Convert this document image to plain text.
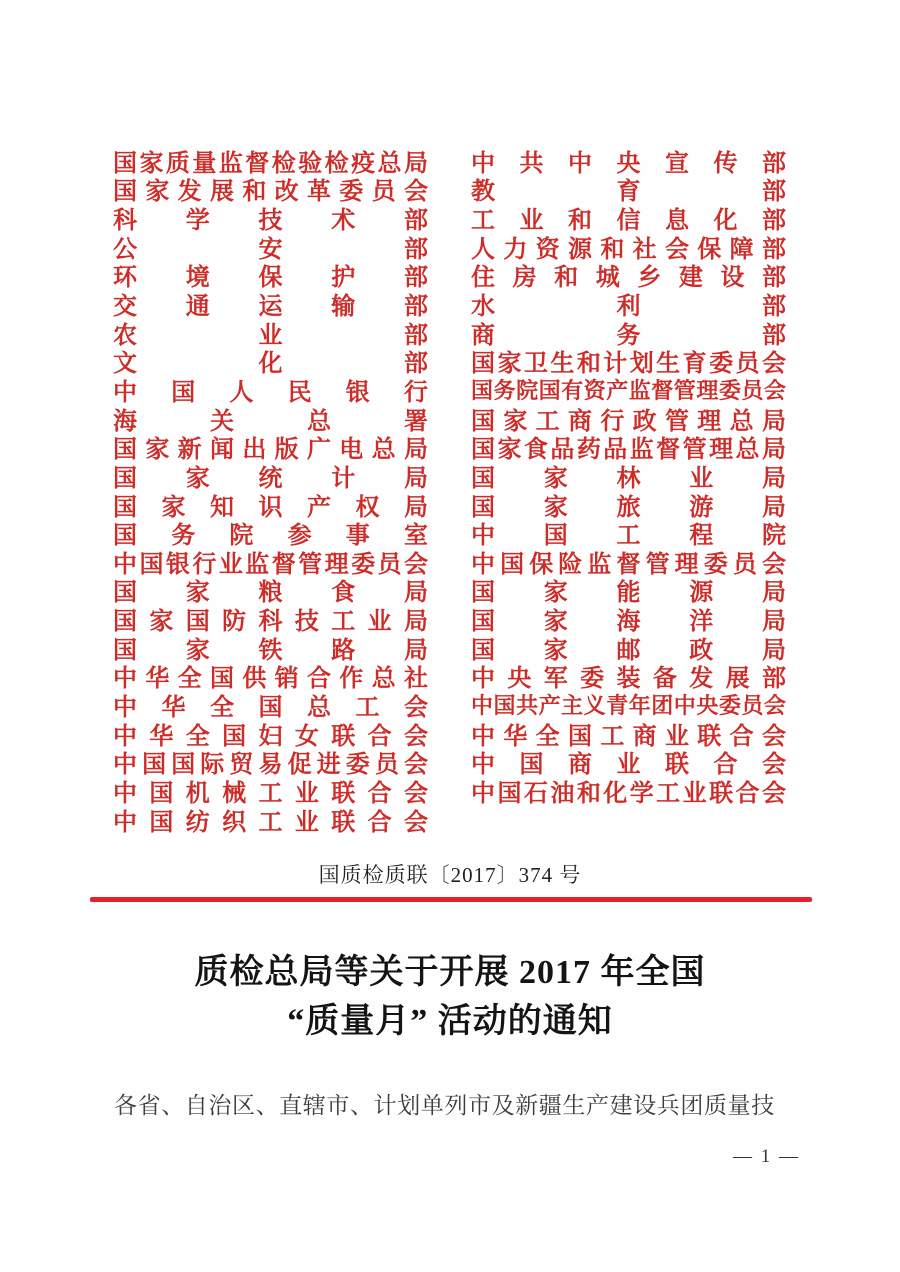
国 家 质 量 监 督 检 验 检 疫 总 局
国 家 发 展 和 改 革 委 员 会
科 学 技 术 部
公	安	部
环 境 保 护 部
交 通 运 输 部
农	业	部
文	化	部
中 国 人 民 银 行
海	关	总	署
国 家 新 闻 出 版 广 电 总 局
国 家 统 计 局
国 家 知 识 产 权 局
国 务 院 参 事 室
中 国 银 行 业 监 督 管 理 委 员 会
国 家 粮 食 局
国 家 国 防 科 技 工 业 局
国 家 铁 路 局
中 华 全 国 供 销 合 作 总 社
中 华 全 国 总 工 会
中 华 全 国 妇 女 联 合 会
中 国 国 际 贸 易 促 进 委 员 会
中 国 机 械 工 业 联 合 会
中 国 纺 织 工 业 联 合 会
中 共 中 央 宣 传 部
教	育	部
工 业 和 信 息 化 部
人 力 资 源 和 社 会 保 障 部
住 房 和 城 乡 建 设 部
水	利	部
商	务	部
国 家 卫 生 和 计 划 生 育 委 员 会
国 务 院 国 有 资 产 监 督 管 理 委 员 会
国 家 工 商 行 政 管 理 总 局
国 家 食 品 药 品 监 督 管 理 总 局
国 家 林 业 局
国 家 旅 游 局
中 国 工 程 院
中 国 保 险 监 督 管 理 委 员 会
国 家 能 源 局
国 家 海 洋 局
国 家 邮 政 局
中 央 军 委 装 备 发 展 部
中 国 共 产 主 义 青 年 团 中 央 委 员 会
中 华 全 国 工 商 业 联 合 会
中 国 商 业 联 合 会
中 国 石 油 和 化 学 工 业 联 合 会
国质检质联〔2017〕374 号
质检总局等关于开展 2017 年全国
“质量月” 活动的通知

各省、自治区、直辖市、计划单列市及新疆生产建设兵团质量技

— 1 —
